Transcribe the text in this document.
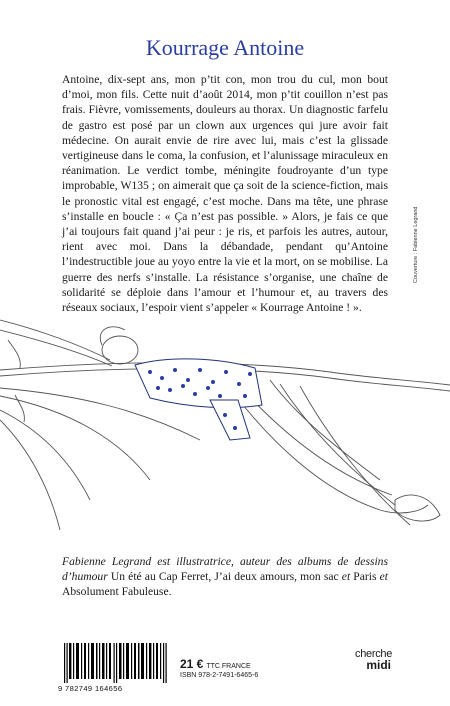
Kourrage Antoine
Antoine, dix-sept ans, mon p’tit con, mon trou du cul, mon bout d’moi, mon fils. Cette nuit d’août 2014, mon p’tit couillon n’est pas frais. Fièvre, vomissements, douleurs au thorax. Un diagnostic farfelu de gastro est posé par un clown aux urgences qui jure avoir fait médecine. On aurait envie de rire avec lui, mais c’est la glissade vertigineuse dans le coma, la confusion, et l’alunissage miraculeux en réanimation. Le verdict tombe, méningite foudroyante d’un type improbable, W135 ; on aimerait que ça soit de la science-fiction, mais le pronostic vital est engagé, c’est moche. Dans ma tête, une phrase s’installe en boucle : « Ça n’est pas possible. » Alors, je fais ce que j’ai toujours fait quand j’ai peur : je ris, et parfois les autres, autour, rient avec moi. Dans la débandade, pendant qu’Antoine l’indestructible joue au yoyo entre la vie et la mort, on se mobilise. La guerre des nerfs s’installe. La résistance s’organise, une chaîne de solidarité se déploie dans l’amour et l’humour et, au travers des réseaux sociaux, l’espoir vient s’appeler « Kourrage Antoine ! ».
Couverture : Fabienne Legrand
Fabienne Legrand est illustratrice, auteur des albums de dessins d’humour Un été au Cap Ferret, J’ai deux amours, mon sac et Paris et Absolument Fabuleuse.
9 782749 164656
21 € TTC FRANCE
ISBN 978-2-7491-6465-6
cherche
midi
